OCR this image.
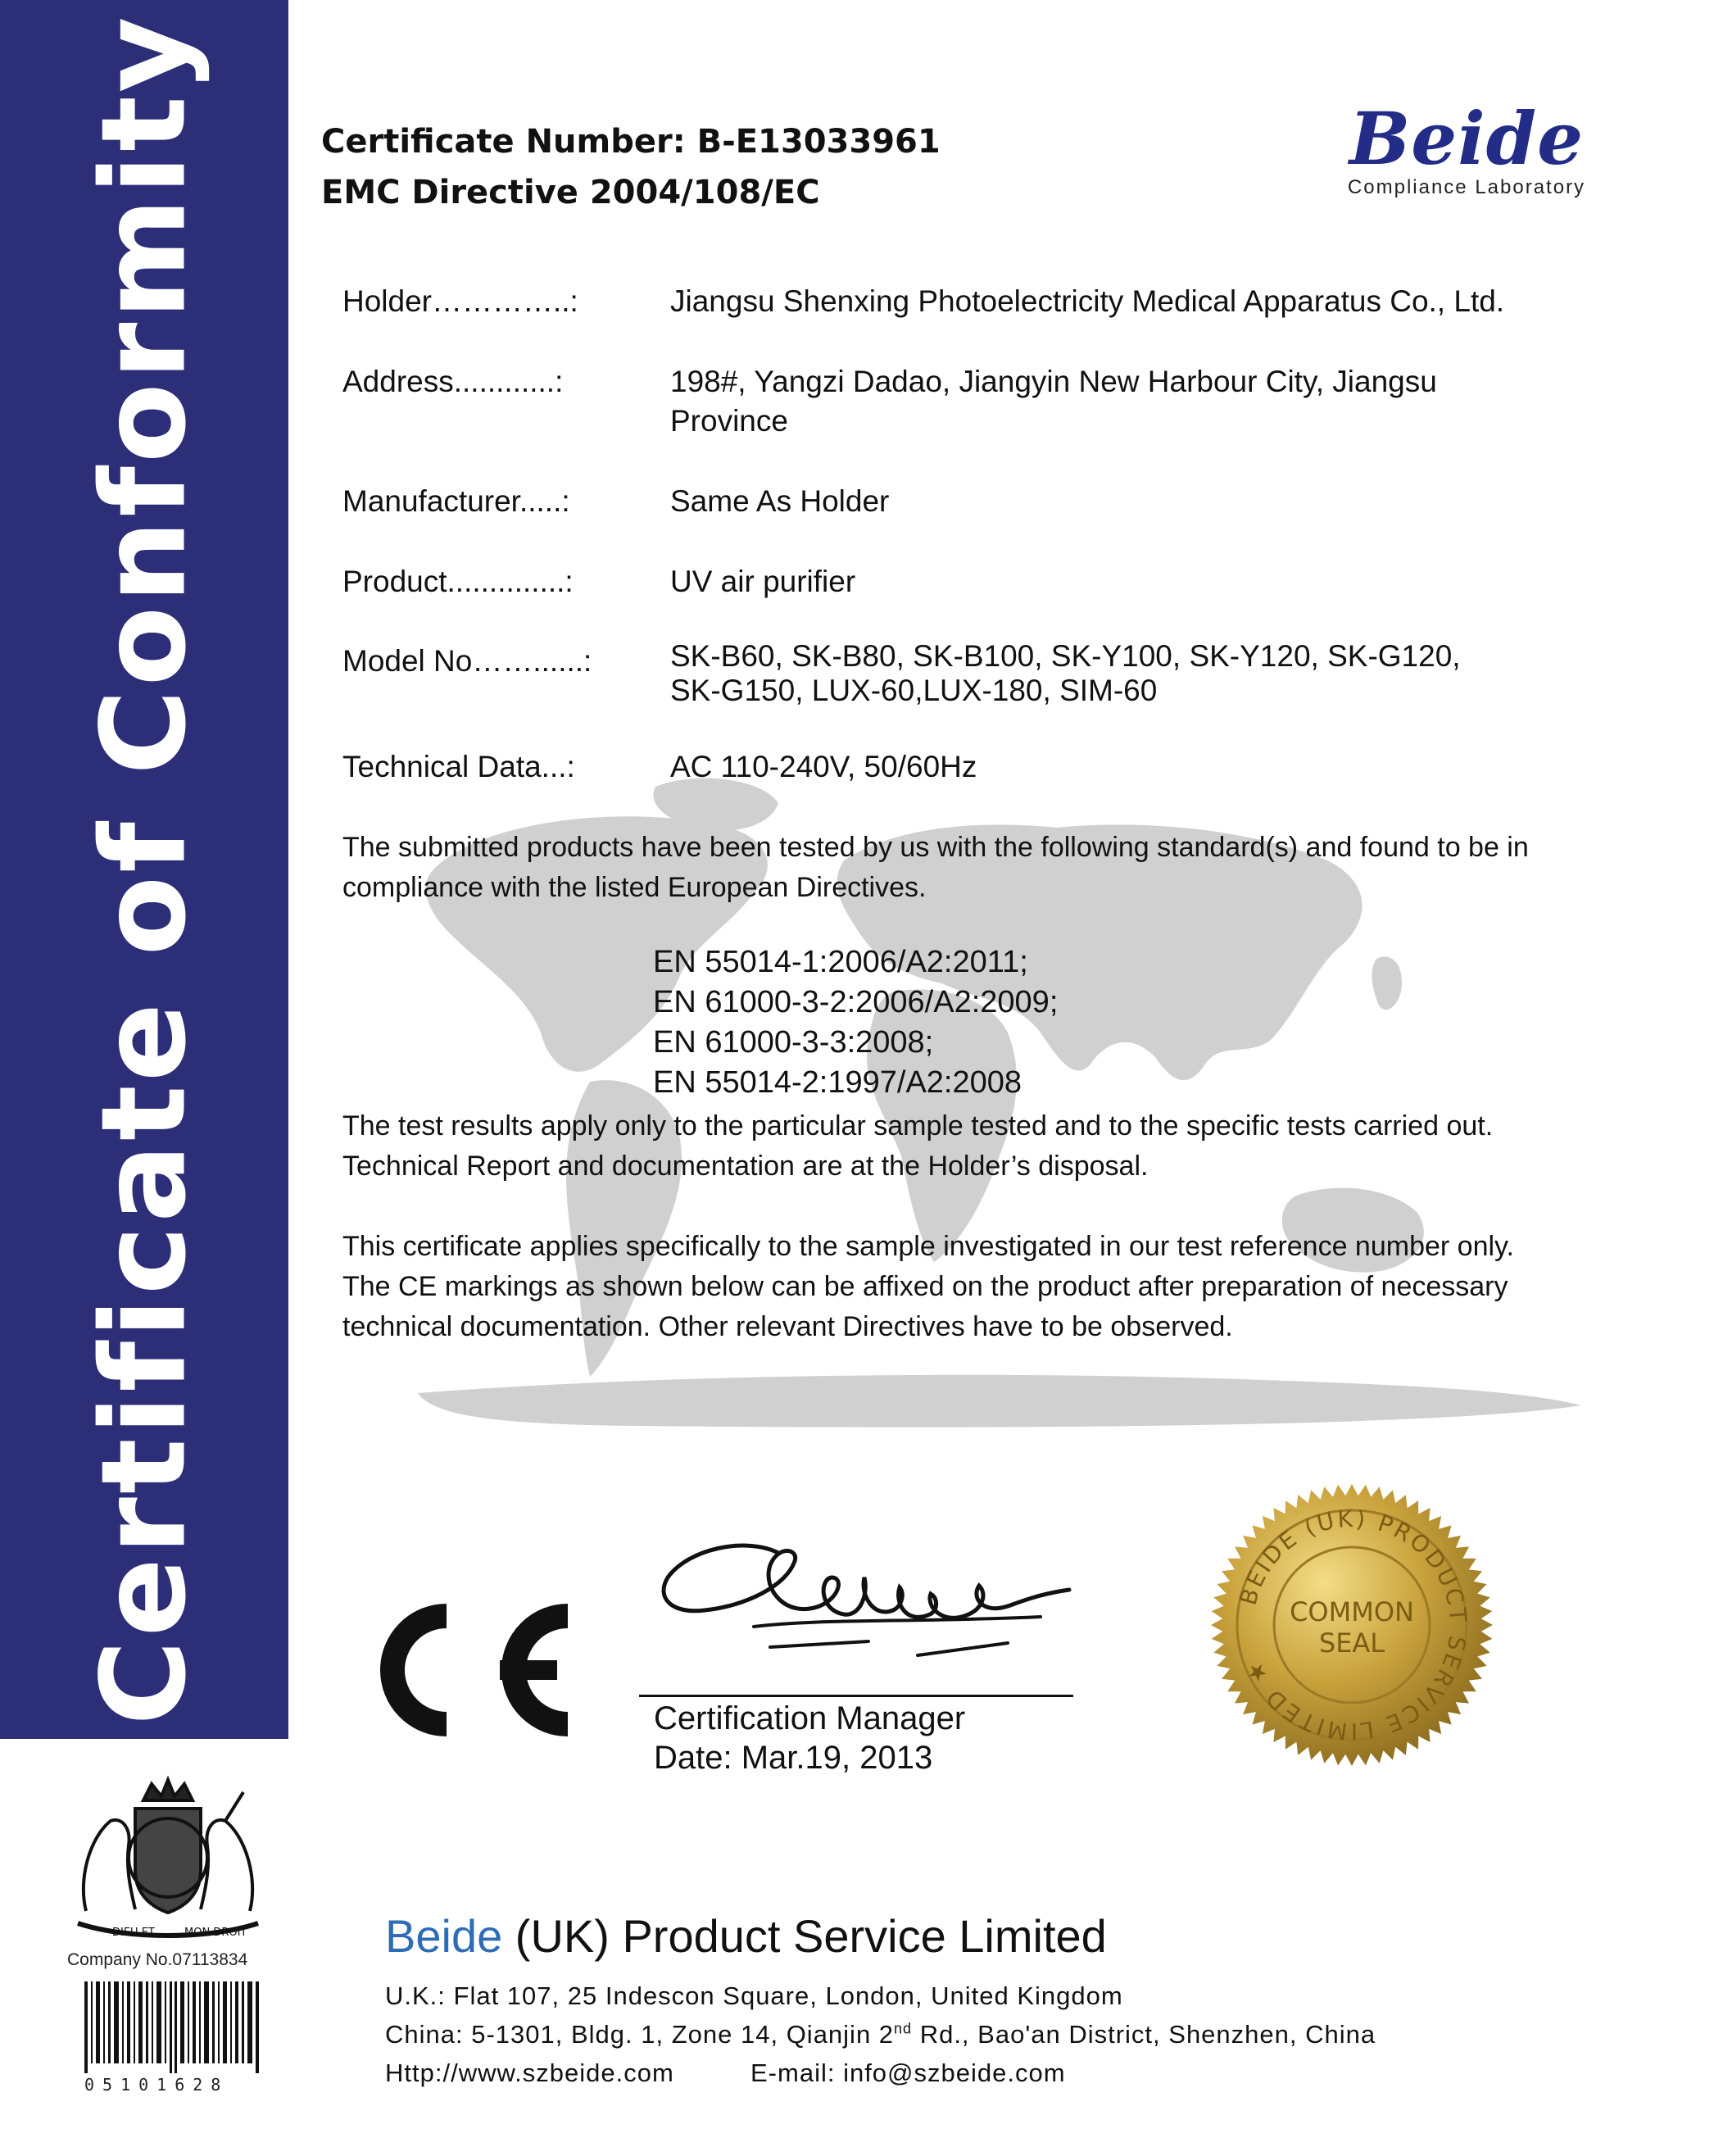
Certificate of Conformity	Certificate Number: B-E13033961
EMC Directive 2004/108/EC
Beide
Compliance Laboratory
Holder…………..:	Jiangsu Shenxing Photoelectricity Medical Apparatus Co., Ltd.
Address............:	198#, Yangzi Dadao, Jiangyin New Harbour City, Jiangsu
Province
Manufacturer.....:	Same As Holder
Product..............:	UV air purifier
Model No……......:	SK-B60, SK-B80, SK-B100, SK-Y100, SK-Y120, SK-G120,
SK-G150, LUX-60,LUX-180, SIM-60
Technical Data...:	AC 110-240V, 50/60Hz
The submitted products have been tested by us with the following standard(s) and found to be in
compliance with the listed European Directives.
EN 55014-1:2006/A2:2011;
EN 61000-3-2:2006/A2:2009;
EN 61000-3-3:2008;
EN 55014-2:1997/A2:2008
The test results apply only to the particular sample tested and to the specific tests carried out.
Technical Report and documentation are at the Holder’s disposal.
This certificate applies specifically to the sample investigated in our test reference number only.
The CE markings as shown below can be affixed on the product after preparation of necessary
technical documentation. Other relevant Directives have to be observed.
Certification Manager
Date: Mar.19, 2013
BEIDE (UK) PRODUCT SERVICE LIMITED ★
COMMON
SEAL
DIEU ET	MON DROIT
Company No.07113834
05101628
Beide (UK) Product Service Limited
U.K.: Flat 107, 25 Indescon Square, London, United Kingdom
China: 5-1301, Bldg. 1, Zone 14, Qianjin 2nd Rd., Bao'an District, Shenzhen, China
Http://www.szbeide.com	E-mail: info@szbeide.com
